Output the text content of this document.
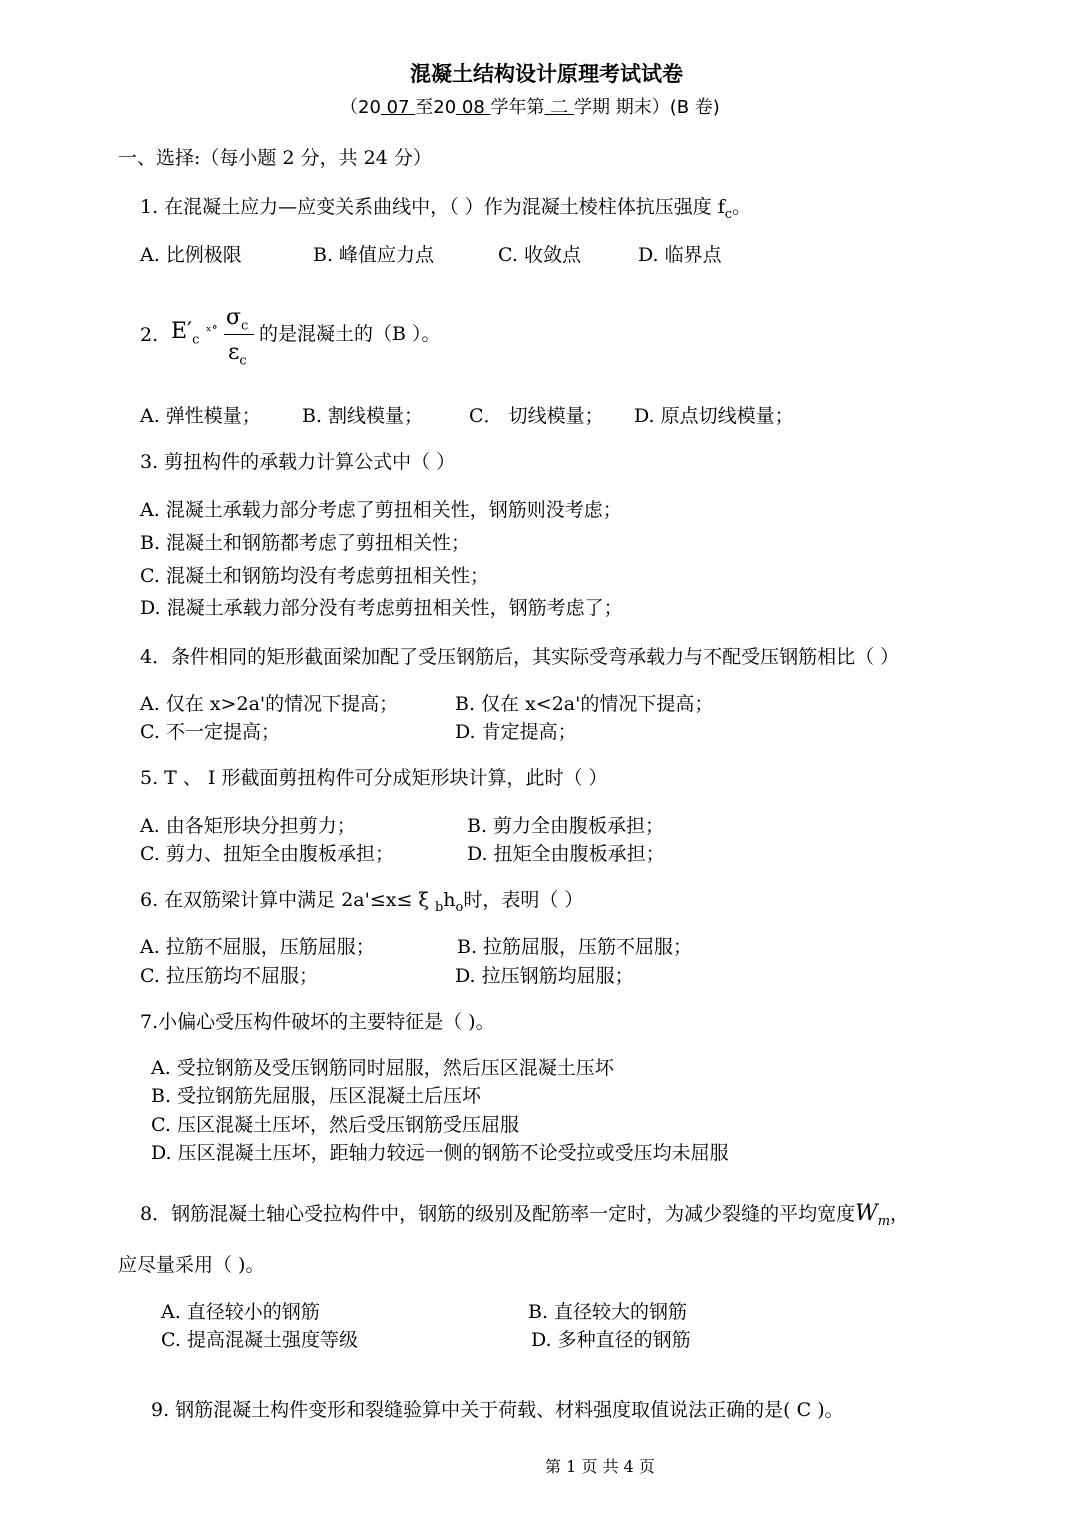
混凝土结构设计原理考试试卷
（20 07 至20 08 学年第 二 学期 期末）(B 卷)
一、选择:（每小题 2 分，共 24 分）
1. 在混凝土应力—应变关系曲线中，（ ）作为混凝土棱柱体抗压强度 $f_c$。
A. 比例极限	B. 峰值应力点	C. 收敛点	D. 临界点
2. $E'_c$
ₓ∘ $\sigma_c$
$\varepsilon_c$
的是混凝土的（B ）。
A. 弹性模量； B. 割线模量； C． 切线模量； D. 原点切线模量；
3. 剪扭构件的承载力计算公式中（ ）
A. 混凝土承载力部分考虑了剪扭相关性，钢筋则没考虑；
B. 混凝土和钢筋都考虑了剪扭相关性；
C. 混凝土和钢筋均没有考虑剪扭相关性；
D. 混凝土承载力部分没有考虑剪扭相关性，钢筋考虑了；
4．条件相同的矩形截面梁加配了受压钢筋后，其实际受弯承载力与不配受压钢筋相比（ ）
A. 仅在 x>2a'的情况下提高；	B. 仅在 x<2a'的情况下提高；
C. 不一定提高；	D. 肯定提高；
5. T 、 I 形截面剪扭构件可分成矩形块计算，此时（ ）
A. 由各矩形块分担剪力；	B. 剪力全由腹板承担；
C. 剪力、扭矩全由腹板承担；	D. 扭矩全由腹板承担；
6. 在双筋梁计算中满足 2a'≤x≤ ξ $_bh_o$时，表明（ ）
A. 拉筋不屈服，压筋屈服；	B. 拉筋屈服，压筋不屈服；
C. 拉压筋均不屈服；	D. 拉压钢筋均屈服；
7.小偏心受压构件破坏的主要特征是（ )。
A. 受拉钢筋及受压钢筋同时屈服，然后压区混凝土压坏
B. 受拉钢筋先屈服，压区混凝土后压坏
C. 压区混凝土压坏，然后受压钢筋受压屈服
D. 压区混凝土压坏，距轴力较远一侧的钢筋不论受拉或受压均未屈服
8．钢筋混凝土轴心受拉构件中，钢筋的级别及配筋率一定时，为减少裂缝的平均宽度$W_m$，
应尽量采用（ )。
A. 直径较小的钢筋	B. 直径较大的钢筋
C. 提高混凝土强度等级	D. 多种直径的钢筋
9. 钢筋混凝土构件变形和裂缝验算中关于荷载、材料强度取值说法正确的是( C )。
第 1 页 共 4 页
